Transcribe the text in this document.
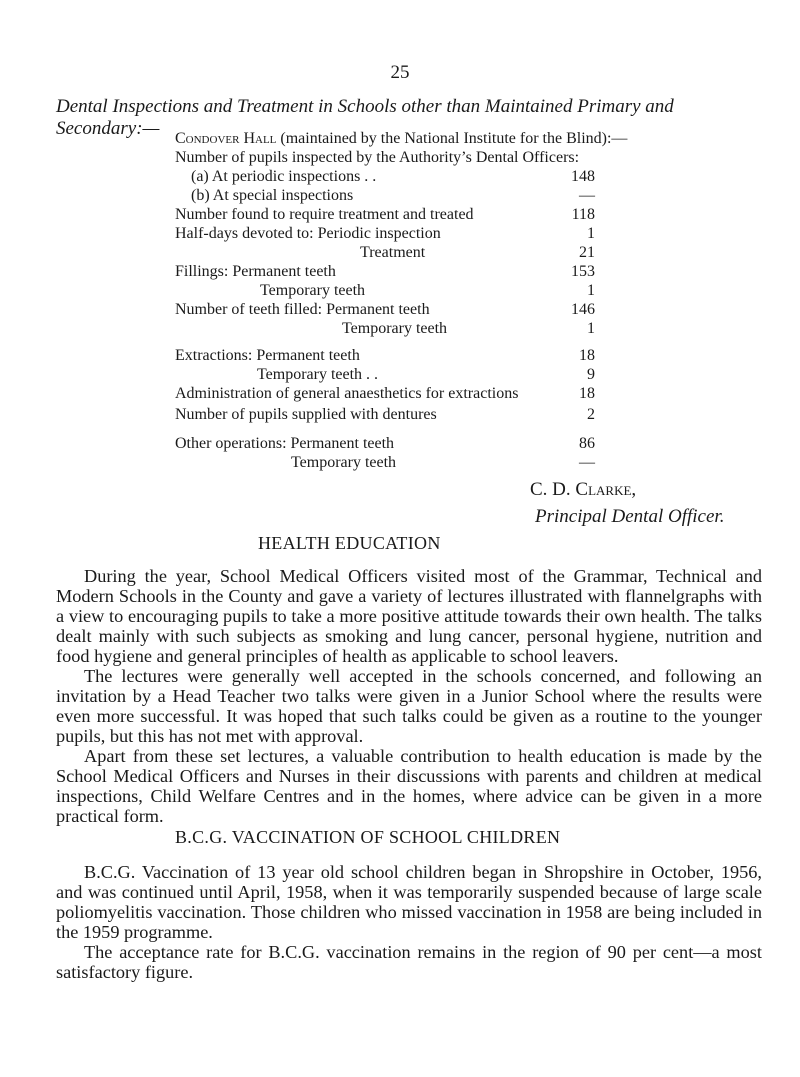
25
Dental Inspections and Treatment in Schools other than Maintained Primary and Secondary:— Condover Hall (maintained by the National Institute for the Blind):—
Number of pupils inspected by the Authority’s Dental Officers:
(a) At periodic inspections . .	148
(b) At special inspections	—
Number found to require treatment and treated	118
Half-days devoted to: Periodic inspection	1
Treatment	21
Fillings: Permanent teeth	153
Temporary teeth	1
Number of teeth filled: Permanent teeth	146
Temporary teeth	1
Extractions: Permanent teeth	18
Temporary teeth . .	9
Administration of general anaesthetics for extractions	18
Number of pupils supplied with dentures	2
Other operations: Permanent teeth	86
Temporary teeth	—
C. D. Clarke,
Principal Dental Officer.
HEALTH EDUCATION

During the year, School Medical Officers visited most of the Grammar, Technical and Modern Schools in the County and gave a variety of lectures illustrated with flannelgraphs with a view to encouraging pupils to take a more positive attitude towards their own health. The talks dealt mainly with such subjects as smoking and lung cancer, personal hygiene, nutrition and food hygiene and general principles of health as applicable to school leavers.

The lectures were generally well accepted in the schools concerned, and following an invitation by a Head Teacher two talks were given in a Junior School where the results were even more successful. It was hoped that such talks could be given as a routine to the younger pupils, but this has not met with approval.

Apart from these set lectures, a valuable contribution to health education is made by the School Medical Officers and Nurses in their discussions with parents and children at medical inspections, Child Welfare Centres and in the homes, where advice can be given in a more practical form.

B.C.G. VACCINATION OF SCHOOL CHILDREN

B.C.G. Vaccination of 13 year old school children began in Shropshire in October, 1956, and was continued until April, 1958, when it was temporarily suspended because of large scale poliomyelitis vaccination. Those children who missed vaccination in 1958 are being included in the 1959 programme.

The acceptance rate for B.C.G. vaccination remains in the region of 90 per cent—a most satisfactory figure.
